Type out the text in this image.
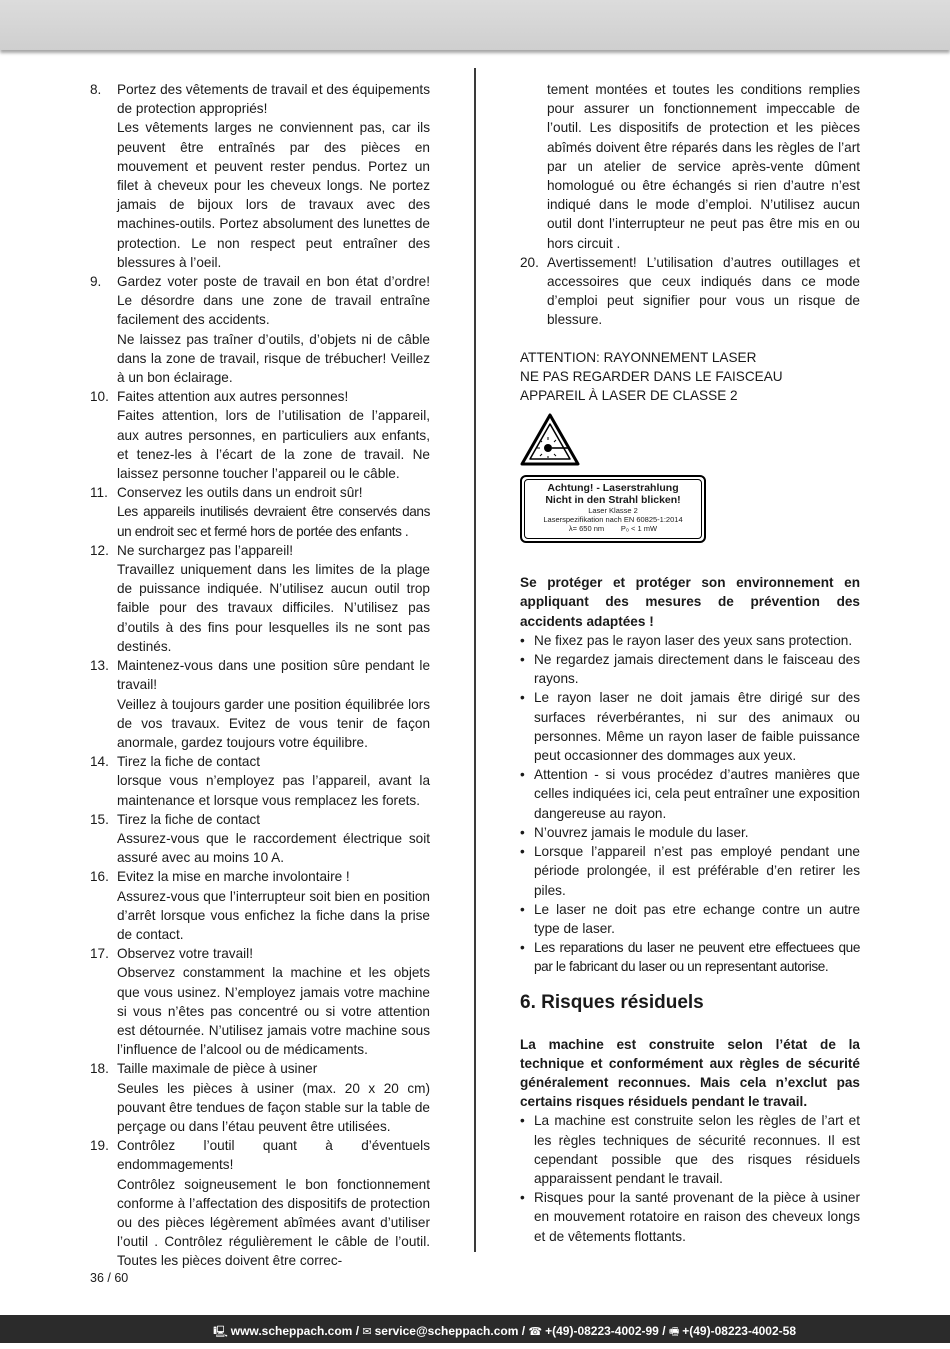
8.	Portez des vêtements de travail et des équipements de protection appropriés!

Les vêtements larges ne conviennent pas, car ils peuvent être entraînés par des pièces en mouvement et peuvent rester pendus. Portez un filet à cheveux pour les cheveux longs. Ne portez jamais de bijoux lors de travaux avec des machines-outils. Portez absolument des lunettes de protection. Le non respect peut entraîner des blessures à l’oeil.

9.	Gardez voter poste de travail en bon état d’ordre! Le désordre dans une zone de travail entraîne facilement des accidents.

Ne laissez pas traîner d’outils, d’objets ni de câble dans la zone de travail, risque de trébucher! Veillez à un bon éclairage.

10. Faites attention aux autres personnes!

Faites attention, lors de l’utilisation de l’appareil, aux autres personnes, en particuliers aux enfants, et tenez-les à l’écart de la zone de travail. Ne laissez personne toucher l’appareil ou le câble.

11. Conservez les outils dans un endroit sûr!

Les appareils inutilisés devraient être conservés dans un endroit sec et fermé hors de portée des enfants .

12. Ne surchargez pas l’appareil!

Travaillez uniquement dans les limites de la plage de puissance indiquée. N’utilisez aucun outil trop faible pour des travaux difficiles. N’utilisez pas d’outils à des fins pour lesquelles ils ne sont pas destinés.

13. Maintenez-vous dans une position sûre pendant le travail!

Veillez à toujours garder une position équilibrée lors de vos travaux. Evitez de vous tenir de façon anormale, gardez toujours votre équilibre.

14. Tirez la fiche de contact

lorsque vous n’employez pas l’appareil, avant la maintenance et lorsque vous remplacez les forets.

15. Tirez la fiche de contact

Assurez-vous que le raccordement électrique soit assuré avec au moins 10 A.

16. Evitez la mise en marche involontaire !

Assurez-vous que l’interrupteur soit bien en position d’arrêt lorsque vous enfichez la fiche dans la prise de contact.

17. Observez votre travail!

Observez constamment la machine et les objets que vous usinez. N’employez jamais votre machine si vous n’êtes pas concentré ou si votre attention est détournée. N’utilisez jamais votre machine sous l’influence de l’alcool ou de médicaments.

18. Taille maximale de pièce à usiner

Seules les pièces à usiner (max. 20 x 20 cm) pouvant être tendues de façon stable sur la table de perçage ou dans l’étau peuvent être utilisées.

19. Contrôlez l’outil quant à d’éventuels endommagements!

Contrôlez soigneusement le bon fonctionnement conforme à l’affectation des dispositifs de protection ou des pièces légèrement abîmées avant d’utiliser l’outil . Contrôlez régulièrement le câble de l’outil. Toutes les pièces doivent être correc-

tement montées et toutes les conditions remplies pour assurer un fonctionnement impeccable de l’outil. Les dispositifs de protection et les pièces abîmés doivent être réparés dans les règles de l’art par un atelier de service après-vente dûment homologué ou être échangés si rien d’autre n’est indiqué dans le mode d’emploi. N’utilisez aucun outil dont l’interrupteur ne peut pas être mis en ou hors circuit .

20. Avertissement! L’utilisation d’autres outillages et accessoires que ceux indiqués dans ce mode d’emploi peut signifier pour vous un risque de blessure.

ATTENTION: RAYONNEMENT LASER
NE PAS REGARDER DANS LE FAISCEAU
APPAREIL À LASER DE CLASSE 2
Achtung! - Laserstrahlung
Nicht in den Strahl blicken!
Laser Klasse 2
Laserspezifikation nach EN 60825-1:2014
λ= 650 nm        P₀ < 1 mW
Se protéger et protéger son environnement en appliquant des mesures de prévention des accidents adaptées !
• Ne fixez pas le rayon laser des yeux sans protection.
• Ne regardez jamais directement dans le faisceau des rayons.
• Le rayon laser ne doit jamais être dirigé sur des surfaces réverbérantes, ni sur des animaux ou personnes. Même un rayon laser de faible puissance peut occasionner des dommages aux yeux.
• Attention - si vous procédez d’autres manières que celles indiquées ici, cela peut entraîner une exposition dangereuse au rayon.
• N’ouvrez jamais le module du laser.
• Lorsque l’appareil n’est pas employé pendant une période prolongée, il est préférable d’en retirer les piles.
• Le laser ne doit pas etre echange contre un autre type de laser.
• Les reparations du laser ne peuvent etre effectuees que par le fabricant du laser ou un representant autorise.
6. Risques résiduels
La machine est construite selon l’état de la technique et conformément aux règles de sécurité généralement reconnues. Mais cela n’exclut pas certains risques résiduels pendant le travail.
• La machine est construite selon les règles de l’art et les règles techniques de sécurité reconnues. Il est cependant possible que des risques résiduels apparaissent pendant le travail.
• Risques pour la santé provenant de la pièce à usiner en mouvement rotatoire en raison des cheveux longs et de vêtements flottants.
36 / 60
🖳 www.scheppach.com / ✉ service@scheppach.com / ☎ +(49)-08223-4002-99 / 🖷 +(49)-08223-4002-58
